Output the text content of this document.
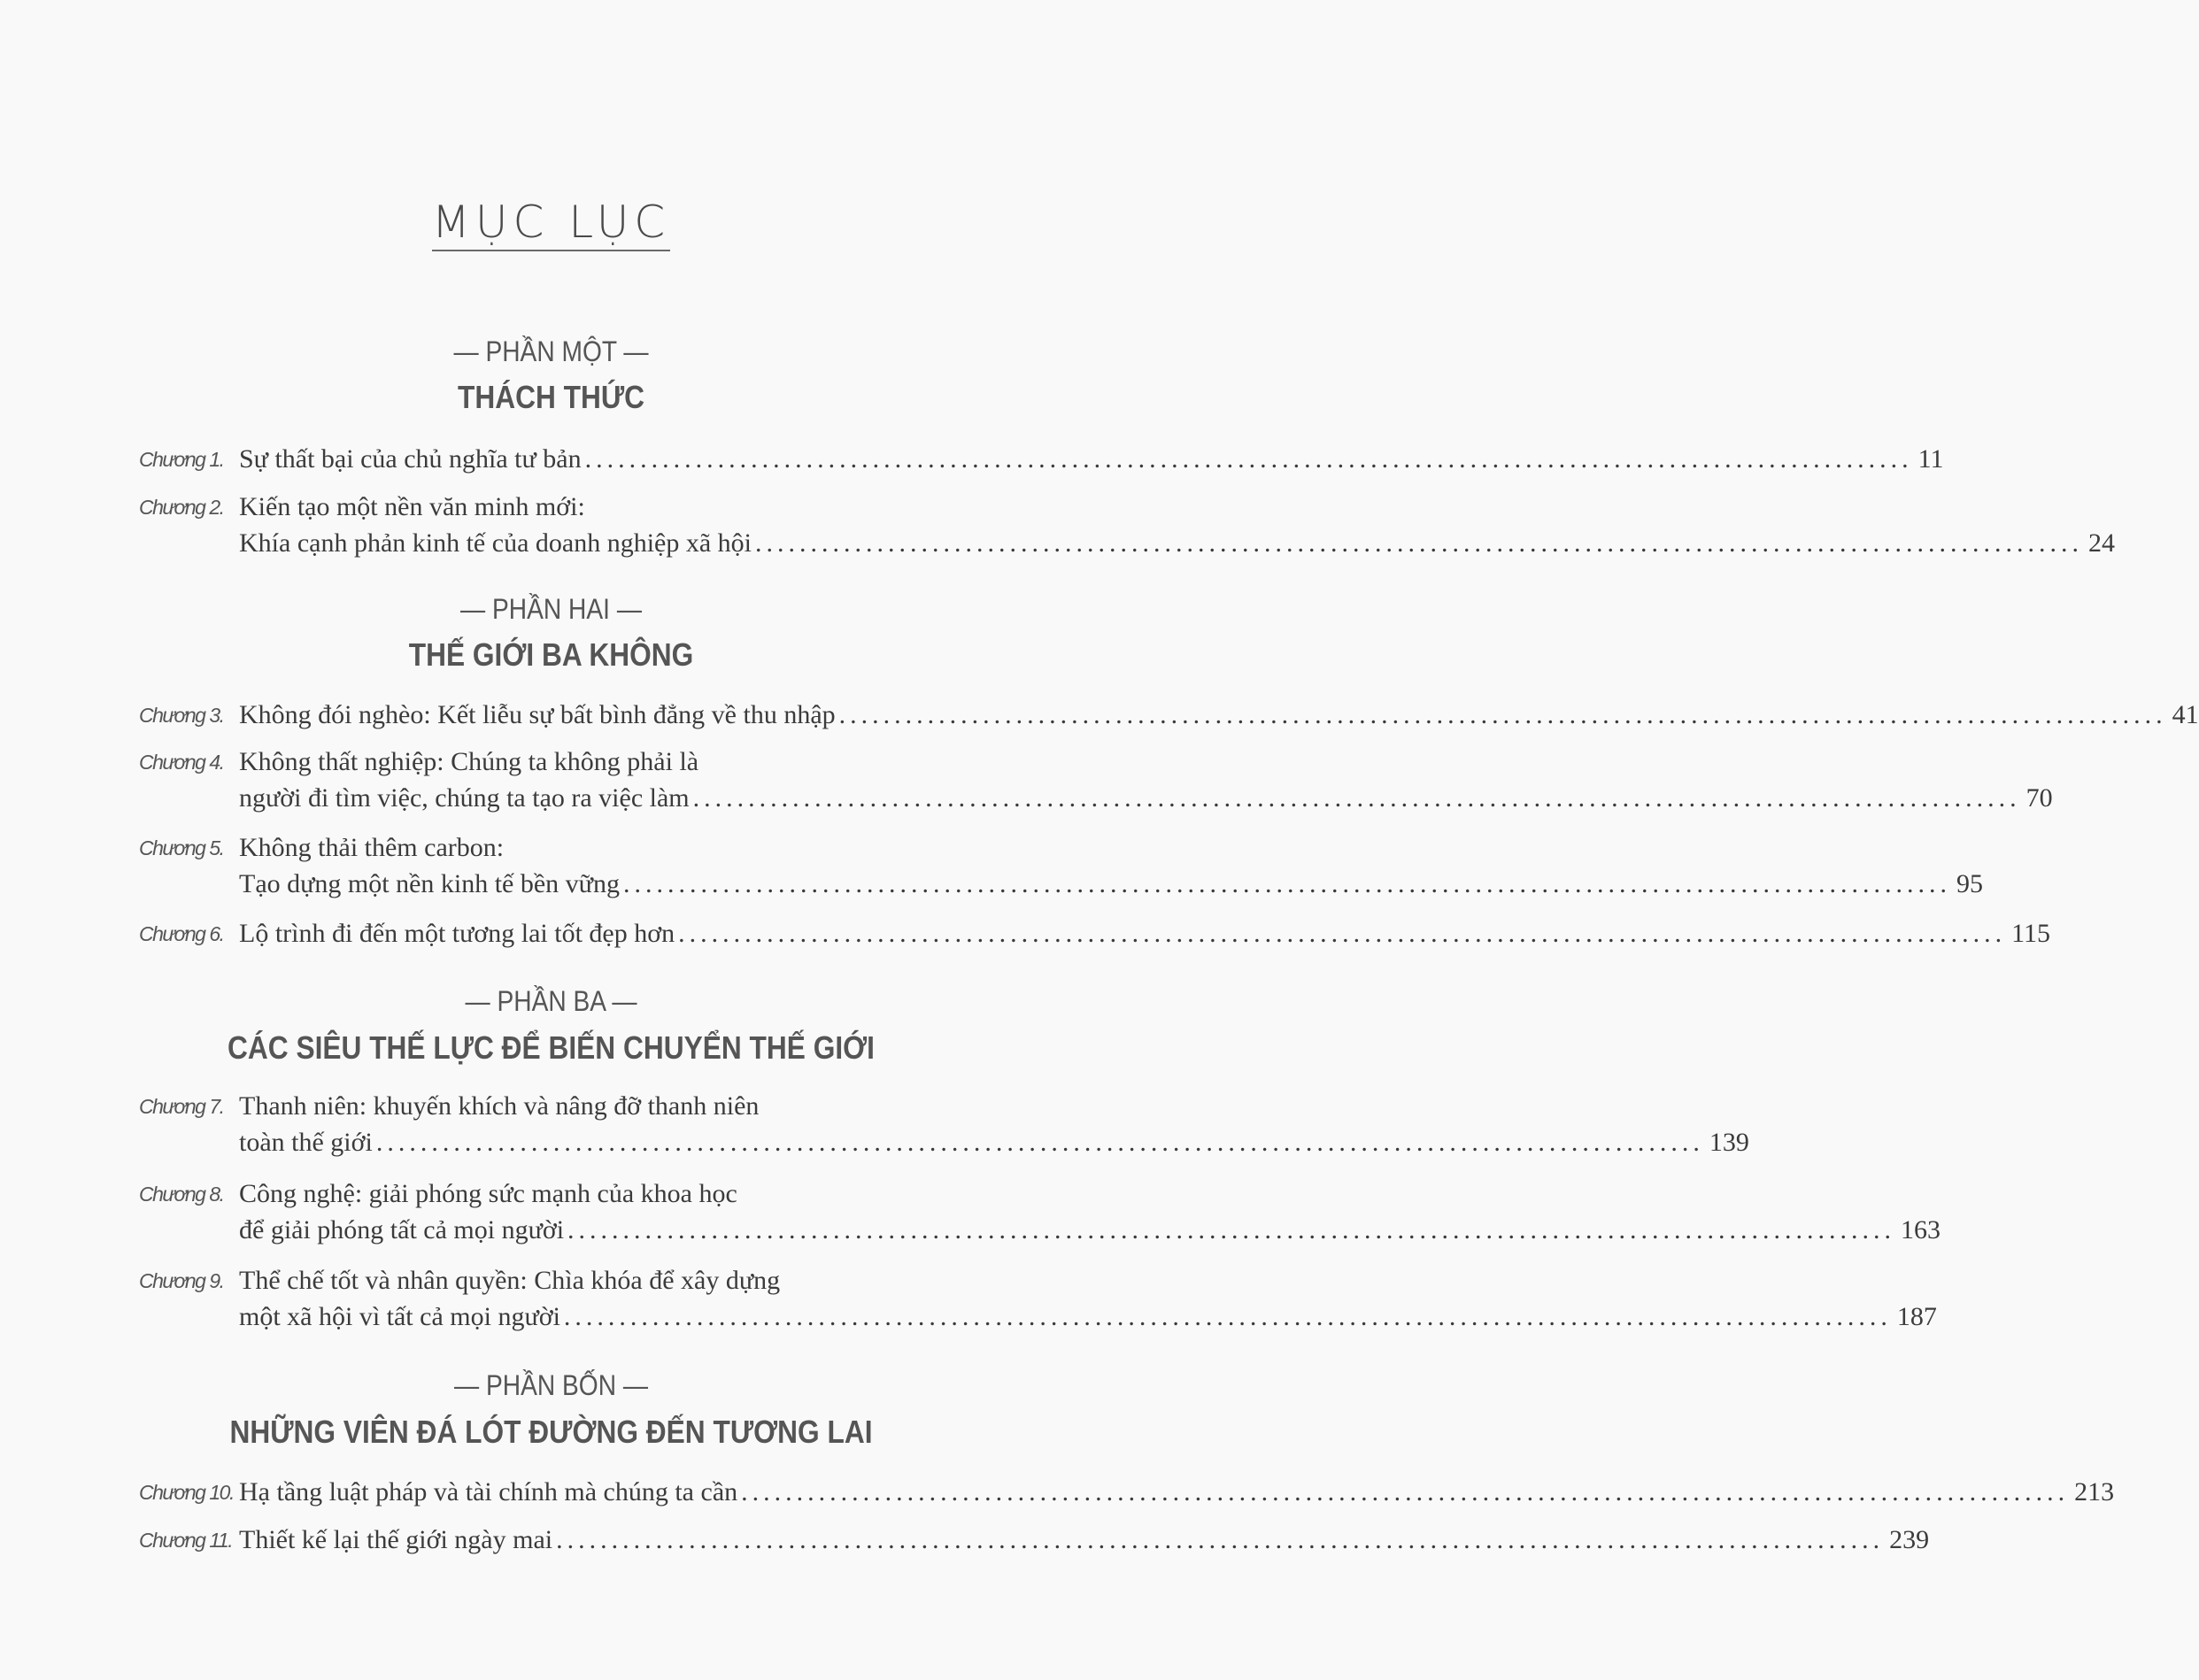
MỤC LỤC
— PHẦN MỘT —
THÁCH THỨC
Chương 1. Sự thất bại của chủ nghĩa tư bản ........................................................................................................................ 11
Chương 2. Kiến tạo một nền văn minh mới:
Khía cạnh phản kinh tế của doanh nghiệp xã hội ........................................................................................................................ 24
— PHẦN HAI —
THẾ GIỚI BA KHÔNG
Chương 3. Không đói nghèo: Kết liễu sự bất bình đẳng về thu nhập ........................................................................................................................ 41
Chương 4. Không thất nghiệp: Chúng ta không phải là
người đi tìm việc, chúng ta tạo ra việc làm ........................................................................................................................ 70
Chương 5. Không thải thêm carbon:
Tạo dựng một nền kinh tế bền vững ........................................................................................................................ 95
Chương 6. Lộ trình đi đến một tương lai tốt đẹp hơn ........................................................................................................................ 115
— PHẦN BA —
CÁC SIÊU THẾ LỰC ĐỂ BIẾN CHUYỂN THẾ GIỚI
Chương 7. Thanh niên: khuyến khích và nâng đỡ thanh niên
toàn thế giới ........................................................................................................................ 139
Chương 8. Công nghệ: giải phóng sức mạnh của khoa học
để giải phóng tất cả mọi người ........................................................................................................................ 163
Chương 9. Thể chế tốt và nhân quyền: Chìa khóa để xây dựng
một xã hội vì tất cả mọi người ........................................................................................................................ 187
— PHẦN BỐN —
NHỮNG VIÊN ĐÁ LÓT ĐƯỜNG ĐẾN TƯƠNG LAI
Chương 10. Hạ tầng luật pháp và tài chính mà chúng ta cần ........................................................................................................................ 213
Chương 11. Thiết kế lại thế giới ngày mai ........................................................................................................................ 239
